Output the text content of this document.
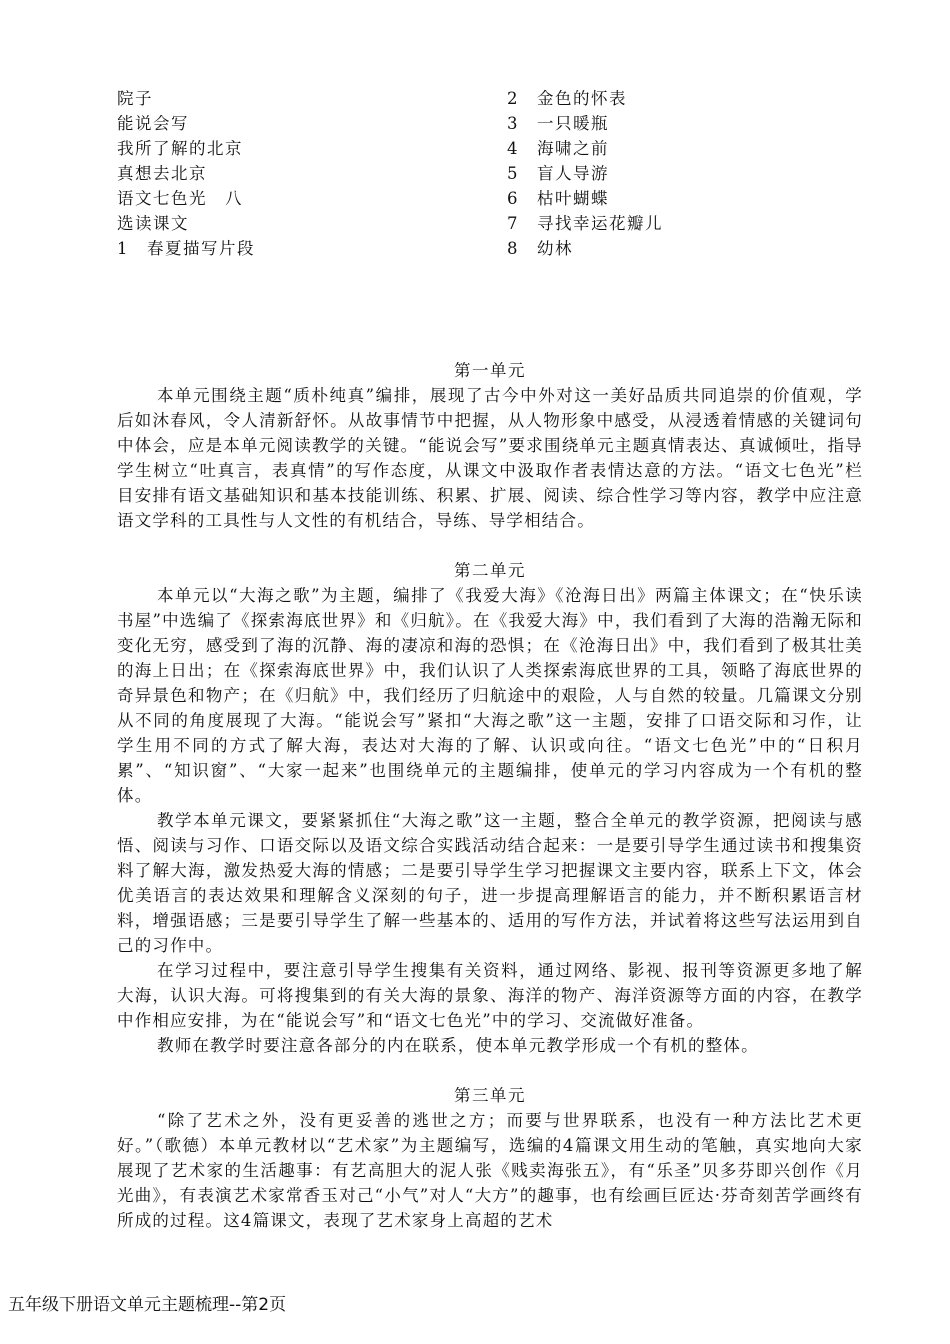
院子
能说会写
我所了解的北京
真想去北京
语文七色光　八
选读课文
1　春夏描写片段
2　金色的怀表
3　一只暖瓶
4　海啸之前
5　盲人导游
6　枯叶蝴蝶
7　寻找幸运花瓣儿
8　幼林
第一单元

本单元围绕主题“质朴纯真”编排，展现了古今中外对这一美好品质共同追崇的价值观，学后如沐春风，令人清新舒怀。从故事情节中把握，从人物形象中感受，从浸透着情感的关键词句中体会，应是本单元阅读教学的关键。“能说会写”要求围绕单元主题真情表达、真诚倾吐，指导学生树立“吐真言，表真情”的写作态度，从课文中汲取作者表情达意的方法。“语文七色光”栏目安排有语文基础知识和基本技能训练、积累、扩展、阅读、综合性学习等内容，教学中应注意语文学科的工具性与人文性的有机结合，导练、导学相结合。

第二单元

本单元以“大海之歌”为主题，编排了《我爱大海》《沧海日出》两篇主体课文；在“快乐读书屋”中选编了《探索海底世界》和《归航》。在《我爱大海》中，我们看到了大海的浩瀚无际和变化无穷，感受到了海的沉静、海的凄凉和海的恐惧；在《沧海日出》中，我们看到了极其壮美的海上日出；在《探索海底世界》中，我们认识了人类探索海底世界的工具，领略了海底世界的奇异景色和物产；在《归航》中，我们经历了归航途中的艰险，人与自然的较量。几篇课文分别从不同的角度展现了大海。“能说会写”紧扣“大海之歌”这一主题，安排了口语交际和习作，让学生用不同的方式了解大海，表达对大海的了解、认识或向往。“语文七色光”中的“日积月累”、“知识窗”、“大家一起来”也围绕单元的主题编排，使单元的学习内容成为一个有机的整体。

教学本单元课文，要紧紧抓住“大海之歌”这一主题，整合全单元的教学资源，把阅读与感悟、阅读与习作、口语交际以及语文综合实践活动结合起来：一是要引导学生通过读书和搜集资料了解大海，激发热爱大海的情感；二是要引导学生学习把握课文主要内容，联系上下文，体会优美语言的表达效果和理解含义深刻的句子，进一步提高理解语言的能力，并不断积累语言材料，增强语感；三是要引导学生了解一些基本的、适用的写作方法，并试着将这些写法运用到自己的习作中。

在学习过程中，要注意引导学生搜集有关资料，通过网络、影视、报刊等资源更多地了解大海，认识大海。可将搜集到的有关大海的景象、海洋的物产、海洋资源等方面的内容，在教学中作相应安排，为在“能说会写”和“语文七色光”中的学习、交流做好准备。

教师在教学时要注意各部分的内在联系，使本单元教学形成一个有机的整体。

第三单元

“除了艺术之外，没有更妥善的逃世之方；而要与世界联系，也没有一种方法比艺术更好。”（歌德）本单元教材以“艺术家”为主题编写，选编的4篇课文用生动的笔触，真实地向大家展现了艺术家的生活趣事：有艺高胆大的泥人张《贱卖海张五》，有“乐圣”贝多芬即兴创作《月光曲》，有表演艺术家常香玉对己“小气”对人“大方”的趣事，也有绘画巨匠达·芬奇刻苦学画终有所成的过程。这4篇课文，表现了艺术家身上高超的艺术

五年级下册语文单元主题梳理--第2页
